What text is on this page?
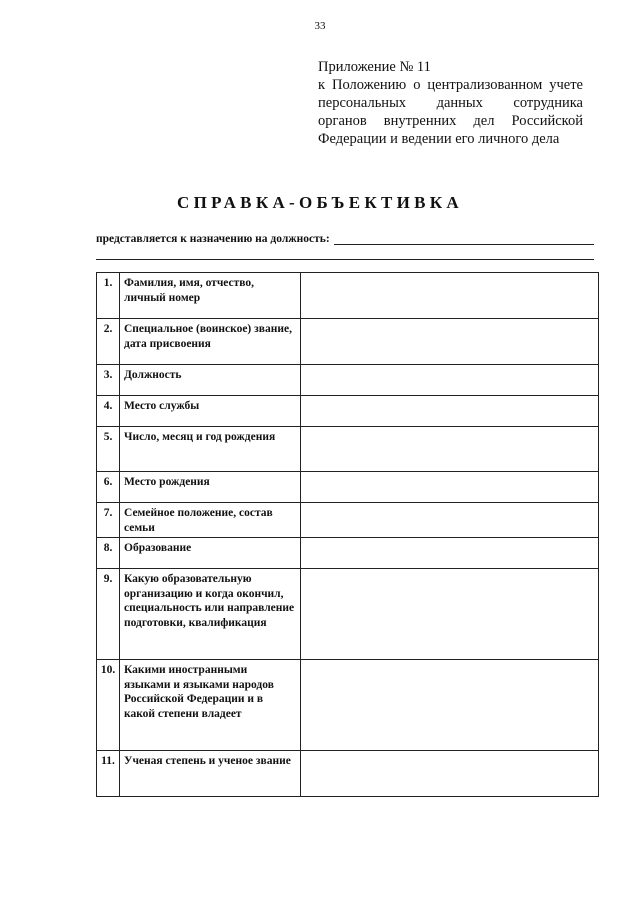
33
Приложение № 11
к Положению о централизованном учете
персональных данных сотрудника
органов внутренних дел Российской
Федерации и ведении его личного дела
СПРАВКА-ОБЪЕКТИВКА
представляется к назначению на должность:
1.	Фамилия, имя, отчество, личный номер	
2.	Специальное (воинское) звание, дата присвоения	
3.	Должность	
4.	Место службы	
5.	Число, месяц и год рождения	
6.	Место рождения	
7.	Семейное положение, состав семьи	
8.	Образование	
9.	Какую образовательную организацию и когда окончил, специальность или направление подготовки, квалификация	
10.	Какими иностранными языками и языками народов Российской Федерации и в какой степени владеет	
11.	Ученая степень и ученое звание	
